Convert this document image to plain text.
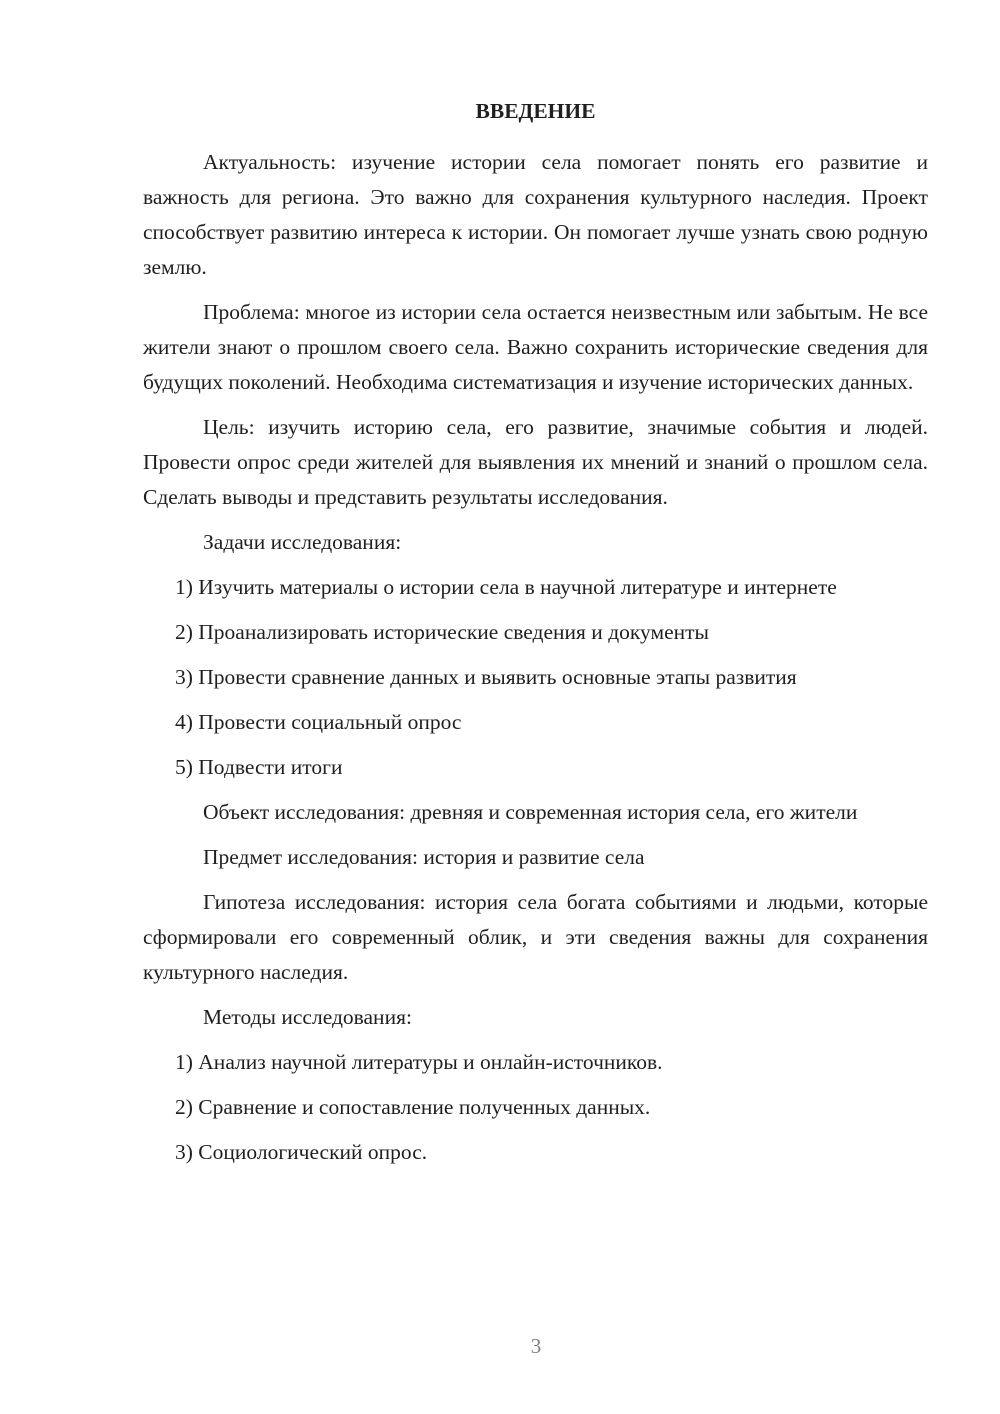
ВВЕДЕНИЕ

Актуальность: изучение истории села помогает понять его развитие и важность для региона. Это важно для сохранения культурного наследия. Проект способствует развитию интереса к истории. Он помогает лучше узнать свою родную землю.

Проблема: многое из истории села остается неизвестным или забытым. Не все жители знают о прошлом своего села. Важно сохранить исторические сведения для будущих поколений. Необходима систематизация и изучение исторических данных.

Цель: изучить историю села, его развитие, значимые события и людей. Провести опрос среди жителей для выявления их мнений и знаний о прошлом села. Сделать выводы и представить результаты исследования.

Задачи исследования:

1) Изучить материалы о истории села в научной литературе и интернете

2) Проанализировать исторические сведения и документы

3) Провести сравнение данных и выявить основные этапы развития

4) Провести социальный опрос

5) Подвести итоги

Объект исследования: древняя и современная история села, его жители

Предмет исследования: история и развитие села

Гипотеза исследования: история села богата событиями и людьми, которые сформировали его современный облик, и эти сведения важны для сохранения культурного наследия.

Методы исследования:

1) Анализ научной литературы и онлайн-источников.

2) Сравнение и сопоставление полученных данных.

3) Социологический опрос.

3
